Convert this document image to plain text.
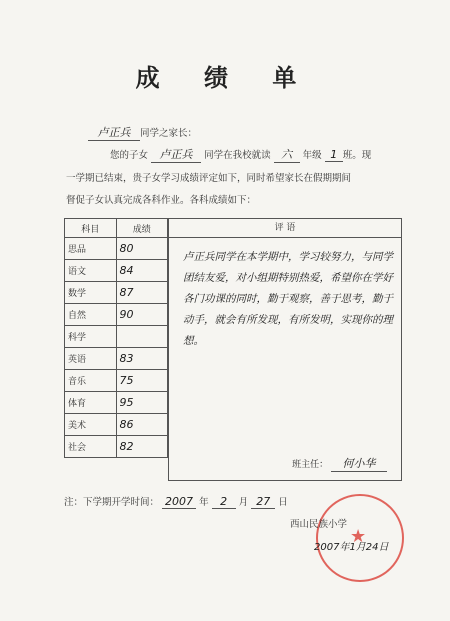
成 绩 单
卢正兵 同学之家长：
您的子女 卢正兵 同学在我校就读 六 年级 1 班。现
一学期已结束，贵子女学习成绩评定如下，同时希望家长在假期期间
督促子女认真完成各科作业。各科成绩如下：
科目	成绩
思品	80
语文	84
数学	87
自然	90
科学	
英语	83
音乐	75
体育	95
美术	86
社会	82
评 语
卢正兵同学在本学期中，学习较努力，与同学团结友爱，对小组期特别热爱，希望你在学好各门功课的同时，勤于观察，善于思考，勤于动手，就会有所发现，有所发明，实现你的理想。
班主任： 何小华
注：下学期开学时间： 2007 年 2 月 27 日
★
西山民族小学
2007年1月24日
